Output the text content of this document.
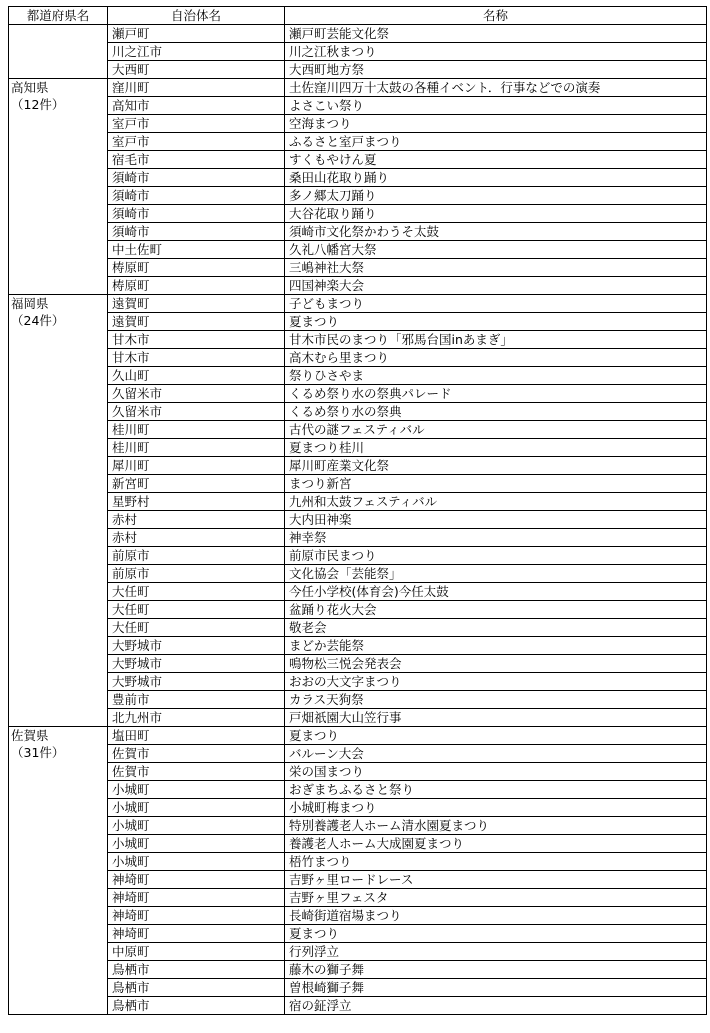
都道府県名	自治体名	名称

	瀬戸町	瀬戸町芸能文化祭
	川之江市	川之江秋まつり
	大西町	大西町地方祭

高知県
（12件）	窪川町	土佐窪川四万十太鼓の各種イベント．行事などでの演奏
	高知市	よさこい祭り
	室戸市	空海まつり
	室戸市	ふるさと室戸まつり
	宿毛市	すくもやけん夏
	須崎市	桑田山花取り踊り
	須崎市	多ノ郷太刀踊り
	須崎市	大谷花取り踊り
	須崎市	須崎市文化祭かわうそ太鼓
	中土佐町	久礼八幡宮大祭
	梼原町	三嶋神社大祭
	梼原町	四国神楽大会

福岡県
（24件）	遠賀町	子どもまつり
	遠賀町	夏まつり
	甘木市	甘木市民のまつり「邪馬台国inあまぎ」
	甘木市	高木むら里まつり
	久山町	祭りひさやま
	久留米市	くるめ祭り水の祭典パレード
	久留米市	くるめ祭り水の祭典
	桂川町	古代の謎フェスティバル
	桂川町	夏まつり桂川
	犀川町	犀川町産業文化祭
	新宮町	まつり新宮
	星野村	九州和太鼓フェスティバル
	赤村	大内田神楽
	赤村	神幸祭
	前原市	前原市民まつり
	前原市	文化協会「芸能祭」
	大任町	今任小学校(体育会)今任太鼓
	大任町	盆踊り花火大会
	大任町	敬老会
	大野城市	まどか芸能祭
	大野城市	鳴物松三悦会発表会
	大野城市	おおの大文字まつり
	豊前市	カラス天狗祭
	北九州市	戸畑祇園大山笠行事

佐賀県
（31件）	塩田町	夏まつり
	佐賀市	バルーン大会
	佐賀市	栄の国まつり
	小城町	おぎまちふるさと祭り
	小城町	小城町梅まつり
	小城町	特別養護老人ホーム清水園夏まつり
	小城町	養護老人ホーム大成園夏まつり
	小城町	梧竹まつり
	神埼町	吉野ヶ里ロードレース
	神埼町	吉野ヶ里フェスタ
	神埼町	長崎街道宿場まつり
	神埼町	夏まつり
	中原町	行列浮立
	鳥栖市	藤木の獅子舞
	鳥栖市	曽根崎獅子舞
	鳥栖市	宿の鉦浮立
